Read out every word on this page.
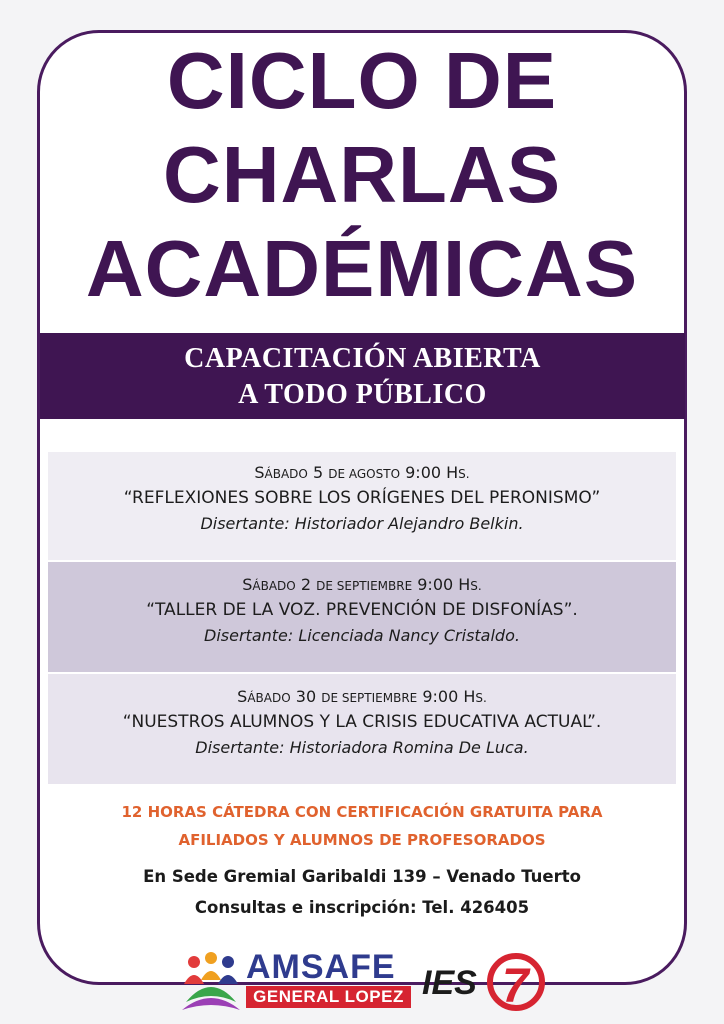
CICLO DE
CHARLAS
ACADÉMICAS
CAPACITACIÓN ABIERTA
A TODO PÚBLICO
SÁBADO 5 DE AGOSTO 9:00 HS.
“REFLEXIONES SOBRE LOS ORÍGENES DEL PERONISMO”
Disertante: Historiador Alejandro Belkin.
SÁBADO 2 DE SEPTIEMBRE 9:00 HS.
“TALLER DE LA VOZ. PREVENCIÓN DE DISFONÍAS”.
Disertante: Licenciada Nancy Cristaldo.
SÁBADO 30 DE SEPTIEMBRE 9:00 HS.
“NUESTROS ALUMNOS Y LA CRISIS EDUCATIVA ACTUAL”.
Disertante: Historiadora Romina De Luca.
12 HORAS CÁTEDRA CON CERTIFICACIÓN GRATUITA PARA
AFILIADOS Y ALUMNOS DE PROFESORADOS
En Sede Gremial Garibaldi 139 – Venado Tuerto
Consultas e inscripción: Tel. 426405
AMSAFE
GENERAL LOPEZ IES 7
